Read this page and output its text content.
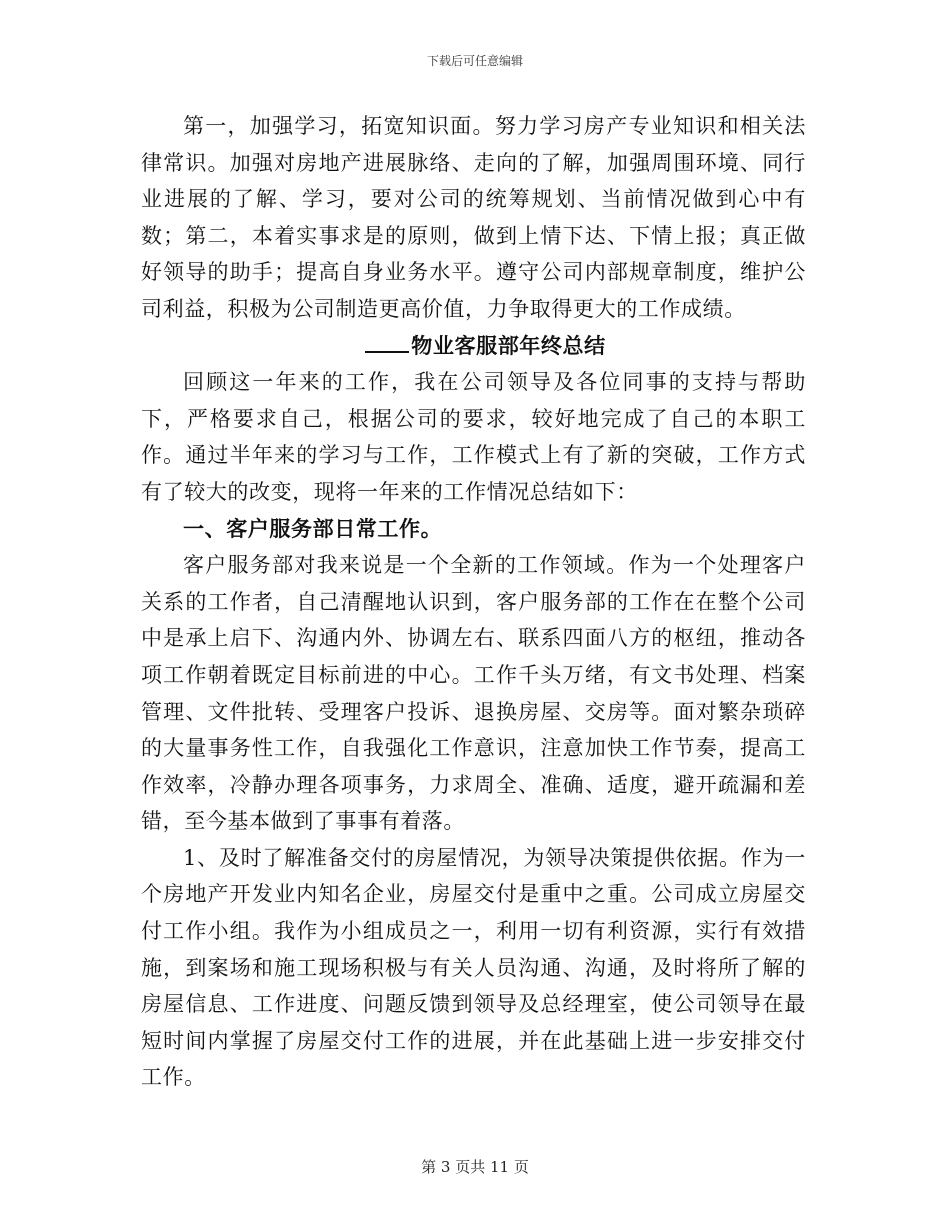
下载后可任意编辑

第一，加强学习，拓宽知识面。努力学习房产专业知识和相关法律常识。加强对房地产进展脉络、走向的了解，加强周围环境、同行业进展的了解、学习，要对公司的统筹规划、当前情况做到心中有数；第二，本着实事求是的原则，做到上情下达、下情上报；真正做好领导的助手；提高自身业务水平。遵守公司内部规章制度，维护公司利益，积极为公司制造更高价值，力争取得更大的工作成绩。

物业客服部年终总结

回顾这一年来的工作，我在公司领导及各位同事的支持与帮助下，严格要求自己，根据公司的要求，较好地完成了自己的本职工作。通过半年来的学习与工作，工作模式上有了新的突破，工作方式有了较大的改变，现将一年来的工作情况总结如下：

一、客户服务部日常工作。

客户服务部对我来说是一个全新的工作领域。作为一个处理客户关系的工作者，自己清醒地认识到，客户服务部的工作在在整个公司中是承上启下、沟通内外、协调左右、联系四面八方的枢纽，推动各项工作朝着既定目标前进的中心。工作千头万绪，有文书处理、档案管理、文件批转、受理客户投诉、退换房屋、交房等。面对繁杂琐碎的大量事务性工作，自我强化工作意识，注意加快工作节奏，提高工作效率，冷静办理各项事务，力求周全、准确、适度，避开疏漏和差错，至今基本做到了事事有着落。

1、及时了解准备交付的房屋情况，为领导决策提供依据。作为一个房地产开发业内知名企业，房屋交付是重中之重。公司成立房屋交付工作小组。我作为小组成员之一，利用一切有利资源，实行有效措施，到案场和施工现场积极与有关人员沟通、沟通，及时将所了解的房屋信息、工作进度、问题反馈到领导及总经理室，使公司领导在最短时间内掌握了房屋交付工作的进展，并在此基础上进一步安排交付工作。

第 3 页共 11 页
